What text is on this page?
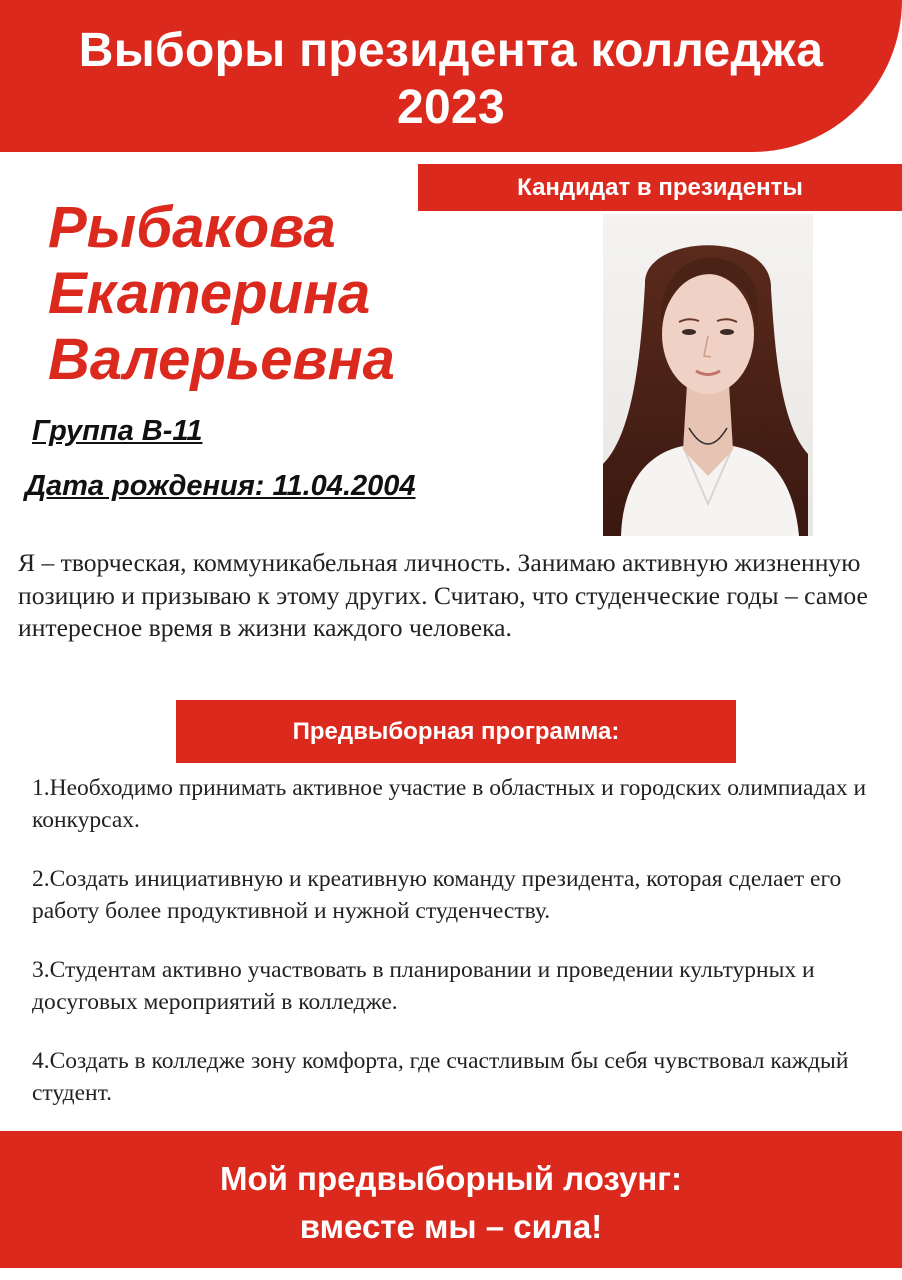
Выборы президента колледжа
2023
Кандидат в президенты
Рыбакова
Екатерина
Валерьевна
Группа В-11
Дата рождения: 11.04.2004
Я – творческая, коммуникабельная личность. Занимаю активную жизненную позицию и призываю к этому других. Считаю, что студенческие годы – самое интересное время в жизни каждого человека.
Предвыборная программа:
1.Необходимо принимать активное участие в областных и городских олимпиадах и конкурсах.
2.Создать инициативную и креативную команду президента, которая сделает его работу более продуктивной и нужной студенчеству.
3.Студентам активно участвовать в планировании и проведении культурных и досуговых мероприятий в колледже.
4.Создать в колледже зону комфорта, где счастливым бы себя чувствовал каждый студент.
Мой предвыборный лозунг:
вместе мы – сила!
